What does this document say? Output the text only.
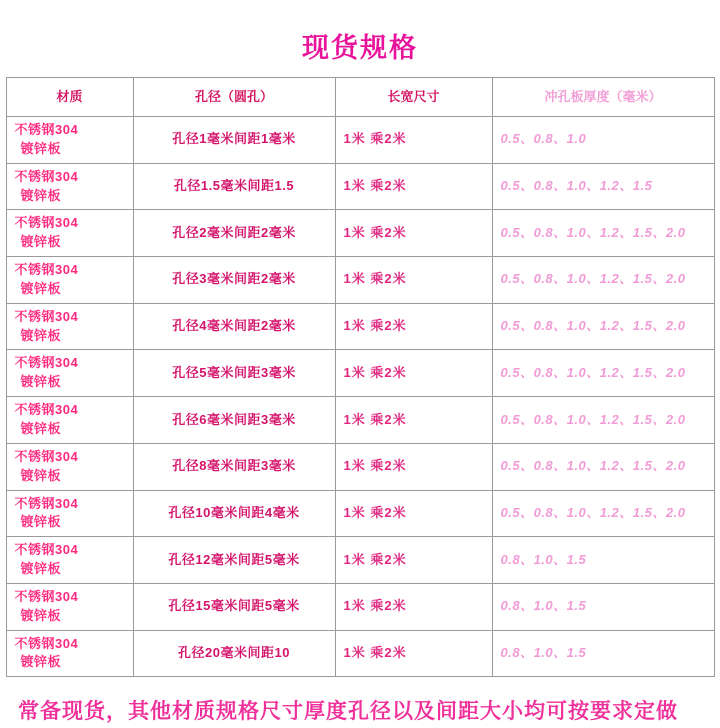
现货规格
材质	孔径（圆孔）	长宽尺寸	冲孔板厚度（毫米）
不锈钢304
镀锌板	孔径1毫米间距1毫米	1米 乘2米	0.5、0.8、1.0
不锈钢304
镀锌板	孔径1.5毫米间距1.5	1米 乘2米	0.5、0.8、1.0、1.2、1.5
不锈钢304
镀锌板	孔径2毫米间距2毫米	1米 乘2米	0.5、0.8、1.0、1.2、1.5、2.0
不锈钢304
镀锌板	孔径3毫米间距2毫米	1米 乘2米	0.5、0.8、1.0、1.2、1.5、2.0
不锈钢304
镀锌板	孔径4毫米间距2毫米	1米 乘2米	0.5、0.8、1.0、1.2、1.5、2.0
不锈钢304
镀锌板	孔径5毫米间距3毫米	1米 乘2米	0.5、0.8、1.0、1.2、1.5、2.0
不锈钢304
镀锌板	孔径6毫米间距3毫米	1米 乘2米	0.5、0.8、1.0、1.2、1.5、2.0
不锈钢304
镀锌板	孔径8毫米间距3毫米	1米 乘2米	0.5、0.8、1.0、1.2、1.5、2.0
不锈钢304
镀锌板	孔径10毫米间距4毫米	1米 乘2米	0.5、0.8、1.0、1.2、1.5、2.0
不锈钢304
镀锌板	孔径12毫米间距5毫米	1米 乘2米	0.8、1.0、1.5
不锈钢304
镀锌板	孔径15毫米间距5毫米	1米 乘2米	0.8、1.0、1.5
不锈钢304
镀锌板	孔径20毫米间距10	1米 乘2米	0.8、1.0、1.5
常备现货，其他材质规格尺寸厚度孔径以及间距大小均可按要求定做
